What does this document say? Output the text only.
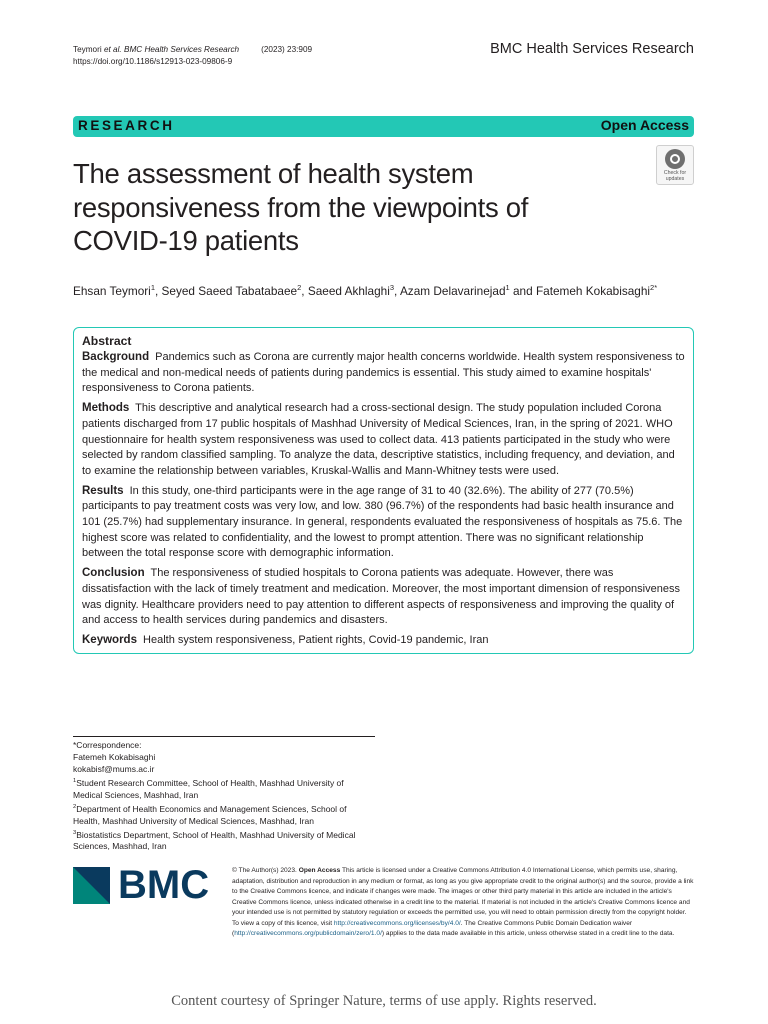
Teymori et al. BMC Health Services Research	(2023) 23:909
https://doi.org/10.1186/s12913-023-09806-9
BMC Health Services Research
RESEARCH	Open Access
The assessment of health system responsiveness from the viewpoints of COVID-19 patients
Check for
updates
Ehsan Teymori$^1$, Seyed Saeed Tabatabaee$^2$, Saeed Akhlaghi$^3$, Azam Delavarinejad$^1$ and Fatemeh Kokabisaghi$^{2*}$
Abstract

Background Pandemics such as Corona are currently major health concerns worldwide. Health system responsiveness to the medical and non-medical needs of patients during pandemics is essential. This study aimed to examine hospitals' responsiveness to Corona patients.

Methods This descriptive and analytical research had a cross-sectional design. The study population included Corona patients discharged from 17 public hospitals of Mashhad University of Medical Sciences, Iran, in the spring of 2021. WHO questionnaire for health system responsiveness was used to collect data. 413 patients participated in the study who were selected by random classified sampling. To analyze the data, descriptive statistics, including frequency, and deviation, and to examine the relationship between variables, Kruskal-Wallis and Mann-Whitney tests were used.

Results In this study, one-third participants were in the age range of 31 to 40 (32.6%). The ability of 277 (70.5%) participants to pay treatment costs was very low, and low. 380 (96.7%) of the respondents had basic health insurance and 101 (25.7%) had supplementary insurance. In general, respondents evaluated the responsiveness of hospitals as 75.6. The highest score was related to confidentiality, and the lowest to prompt attention. There was no significant relationship between the total response score with demographic information.

Conclusion The responsiveness of studied hospitals to Corona patients was adequate. However, there was dissatisfaction with the lack of timely treatment and medication. Moreover, the most important dimension of responsiveness was dignity. Healthcare providers need to pay attention to different aspects of responsiveness and improving the quality of and access to health services during pandemics and disasters.

Keywords Health system responsiveness, Patient rights, Covid-19 pandemic, Iran

*Correspondence:
Fatemeh Kokabisaghi
kokabisf@mums.ac.ir
$^1$Student Research Committee, School of Health, Mashhad University of Medical Sciences, Mashhad, Iran
$^2$Department of Health Economics and Management Sciences, School of Health, Mashhad University of Medical Sciences, Mashhad, Iran
$^3$Biostatistics Department, School of Health, Mashhad University of Medical Sciences, Mashhad, Iran
BMC	© The Author(s) 2023. Open Access This article is licensed under a Creative Commons Attribution 4.0 International License, which permits use, sharing, adaptation, distribution and reproduction in any medium or format, as long as you give appropriate credit to the original author(s) and the source, provide a link to the Creative Commons licence, and indicate if changes were made. The images or other third party material in this article are included in the article's Creative Commons licence, unless indicated otherwise in a credit line to the material. If material is not included in the article's Creative Commons licence and your intended use is not permitted by statutory regulation or exceeds the permitted use, you will need to obtain permission directly from the copyright holder. To view a copy of this licence, visit http://creativecommons.org/licenses/by/4.0/. The Creative Commons Public Domain Dedication waiver (http://creativecommons.org/publicdomain/zero/1.0/) applies to the data made available in this article, unless otherwise stated in a credit line to the data.
Content courtesy of Springer Nature, terms of use apply. Rights reserved.
